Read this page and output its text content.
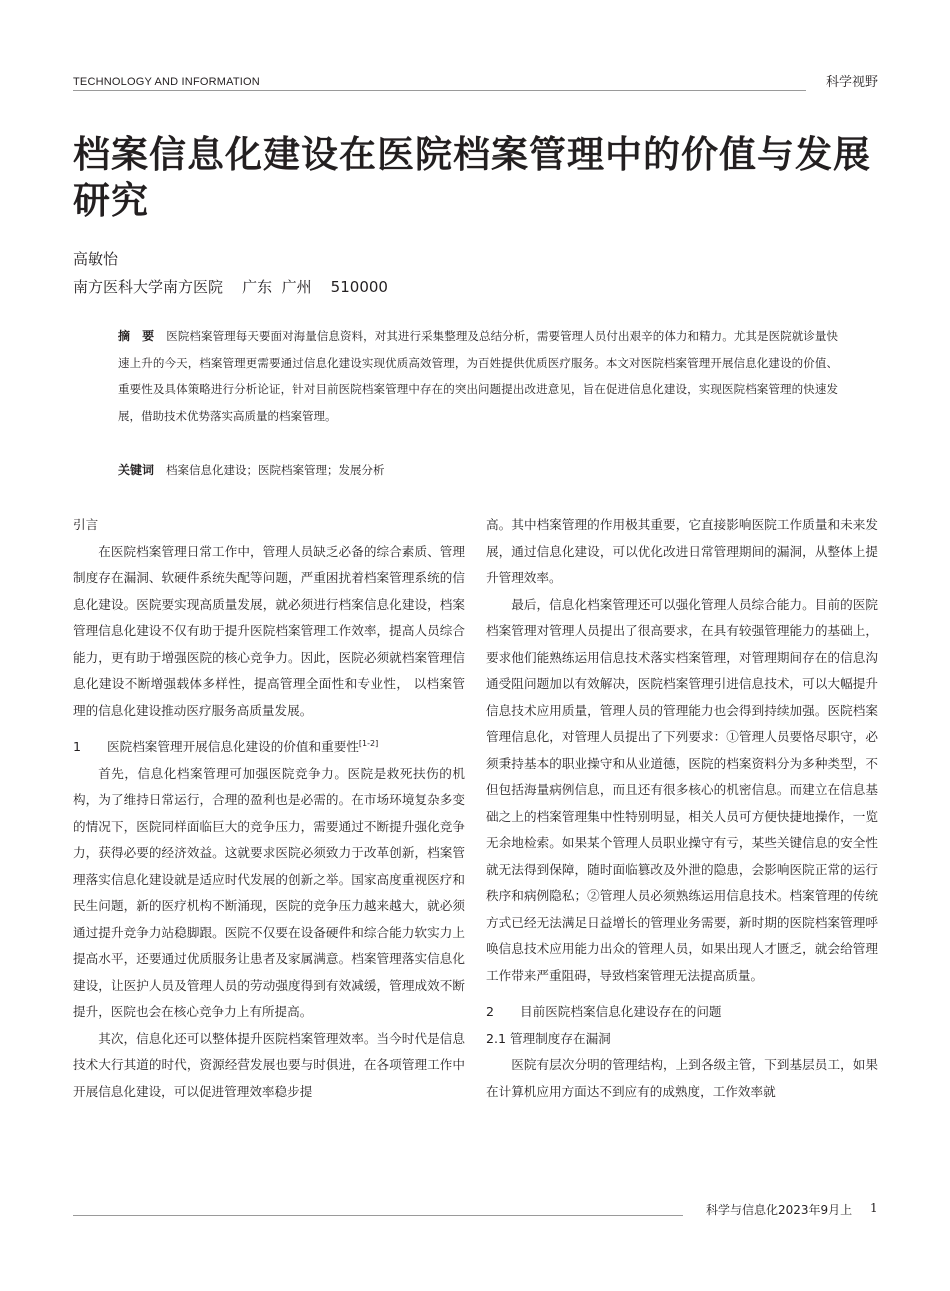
TECHNOLOGY AND INFORMATION	科学视野
档案信息化建设在医院档案管理中的价值与发展研究
高敏怡
南方医科大学南方医院    广东  广州    510000

摘　要 医院档案管理每天要面对海量信息资料，对其进行采集整理及总结分析，需要管理人员付出艰辛的体力和精力。尤其是医院就诊量快速上升的今天，档案管理更需要通过信息化建设实现优质高效管理，为百姓提供优质医疗服务。本文对医院档案管理开展信息化建设的价值、重要性及具体策略进行分析论证，针对目前医院档案管理中存在的突出问题提出改进意见，旨在促进信息化建设，实现医院档案管理的快速发展，借助技术优势落实高质量的档案管理。

关键词 档案信息化建设；医院档案管理；发展分析

引言

在医院档案管理日常工作中，管理人员缺乏必备的综合素质、管理制度存在漏洞、软硬件系统失配等问题，严重困扰着档案管理系统的信息化建设。医院要实现高质量发展，就必须进行档案信息化建设，档案管理信息化建设不仅有助于提升医院档案管理工作效率，提高人员综合能力，更有助于增强医院的核心竞争力。因此，医院必须就档案管理信息化建设不断增强载体多样性，提高管理全面性和专业性， 以档案管理的信息化建设推动医疗服务高质量发展。

1 医院档案管理开展信息化建设的价值和重要性[1-2]

首先，信息化档案管理可加强医院竞争力。医院是救死扶伤的机构，为了维持日常运行，合理的盈利也是必需的。在市场环境复杂多变的情况下，医院同样面临巨大的竞争压力，需要通过不断提升强化竞争力，获得必要的经济效益。这就要求医院必须致力于改革创新，档案管理落实信息化建设就是适应时代发展的创新之举。国家高度重视医疗和民生问题，新的医疗机构不断涌现，医院的竞争压力越来越大，就必须通过提升竞争力站稳脚跟。医院不仅要在设备硬件和综合能力软实力上提高水平，还要通过优质服务让患者及家属满意。档案管理落实信息化建设，让医护人员及管理人员的劳动强度得到有效减缓，管理成效不断提升，医院也会在核心竞争力上有所提高。

其次，信息化还可以整体提升医院档案管理效率。当今时代是信息技术大行其道的时代，资源经营发展也要与时俱进，在各项管理工作中开展信息化建设，可以促进管理效率稳步提

高。其中档案管理的作用极其重要，它直接影响医院工作质量和未来发展，通过信息化建设，可以优化改进日常管理期间的漏洞，从整体上提升管理效率。

最后，信息化档案管理还可以强化管理人员综合能力。目前的医院档案管理对管理人员提出了很高要求，在具有较强管理能力的基础上，要求他们能熟练运用信息技术落实档案管理，对管理期间存在的信息沟通受阻问题加以有效解决，医院档案管理引进信息技术，可以大幅提升信息技术应用质量，管理人员的管理能力也会得到持续加强。医院档案管理信息化，对管理人员提出了下列要求：①管理人员要恪尽职守，必须秉持基本的职业操守和从业道德，医院的档案资料分为多种类型，不但包括海量病例信息，而且还有很多核心的机密信息。而建立在信息基础之上的档案管理集中性特别明显，相关人员可方便快捷地操作，一览无余地检索。如果某个管理人员职业操守有亏，某些关键信息的安全性就无法得到保障，随时面临篡改及外泄的隐患，会影响医院正常的运行秩序和病例隐私；②管理人员必须熟练运用信息技术。档案管理的传统方式已经无法满足日益增长的管理业务需要，新时期的医院档案管理呼唤信息技术应用能力出众的管理人员，如果出现人才匮乏，就会给管理工作带来严重阻碍，导致档案管理无法提高质量。

2 目前医院档案信息化建设存在的问题
2.1 管理制度存在漏洞

医院有层次分明的管理结构，上到各级主管，下到基层员工，如果在计算机应用方面达不到应有的成熟度，工作效率就

科学与信息化2023年9月上 1
